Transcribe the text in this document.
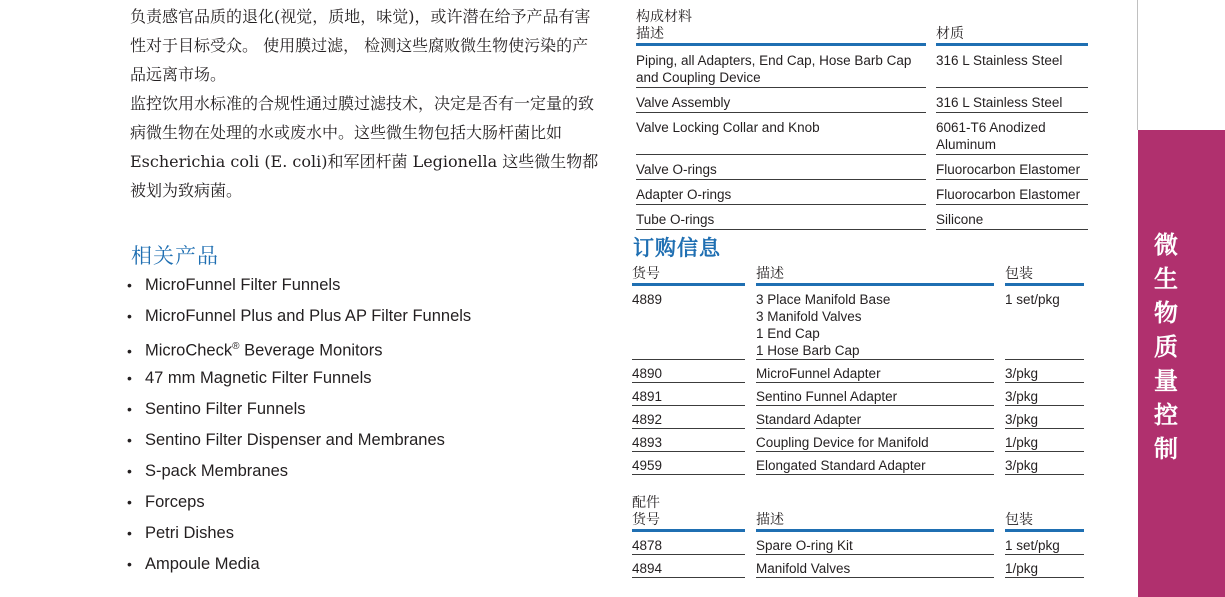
负责感官品质的退化(视觉，质地，味觉)，或许潜在给予产品有害性对于目标受众。 使用膜过滤， 检测这些腐败微生物使污染的产品远离市场。

监控饮用水标准的合规性通过膜过滤技术，决定是否有一定量的致病微生物在处理的水或废水中。这些微生物包括大肠杆菌比如Escherichia coli (E. coli)和军团杆菌 Legionella 这些微生物都被划为致病菌。

相关产品
• MicroFunnel Filter Funnels
• MicroFunnel Plus and Plus AP Filter Funnels
• MicroCheck® Beverage Monitors
• 47 mm Magnetic Filter Funnels
• Sentino Filter Funnels
• Sentino Filter Dispenser and Membranes
• S-pack Membranes
• Forceps
• Petri Dishes
• Ampoule Media
构成材料
描述		材质
Piping, all Adapters, End Cap, Hose Barb Cap and Coupling Device		316 L Stainless Steel
Valve Assembly		316 L Stainless Steel
Valve Locking Collar and Knob		6061-T6 Anodized Aluminum
Valve O-rings		Fluorocarbon Elastomer
Adapter O-rings		Fluorocarbon Elastomer
Tube O-rings		Silicone
订购信息
货号		描述		包装
4889		3 Place Manifold Base
3 Manifold Valves
1 End Cap
1 Hose Barb Cap		1 set/pkg
4890		MicroFunnel Adapter		3/pkg
4891		Sentino Funnel Adapter		3/pkg
4892		Standard Adapter		3/pkg
4893		Coupling Device for Manifold		1/pkg
4959		Elongated Standard Adapter		3/pkg
配件
货号		描述		包装
4878		Spare O-ring Kit		1 set/pkg
4894		Manifold Valves		1/pkg
微
生
物
质
量
控
制
